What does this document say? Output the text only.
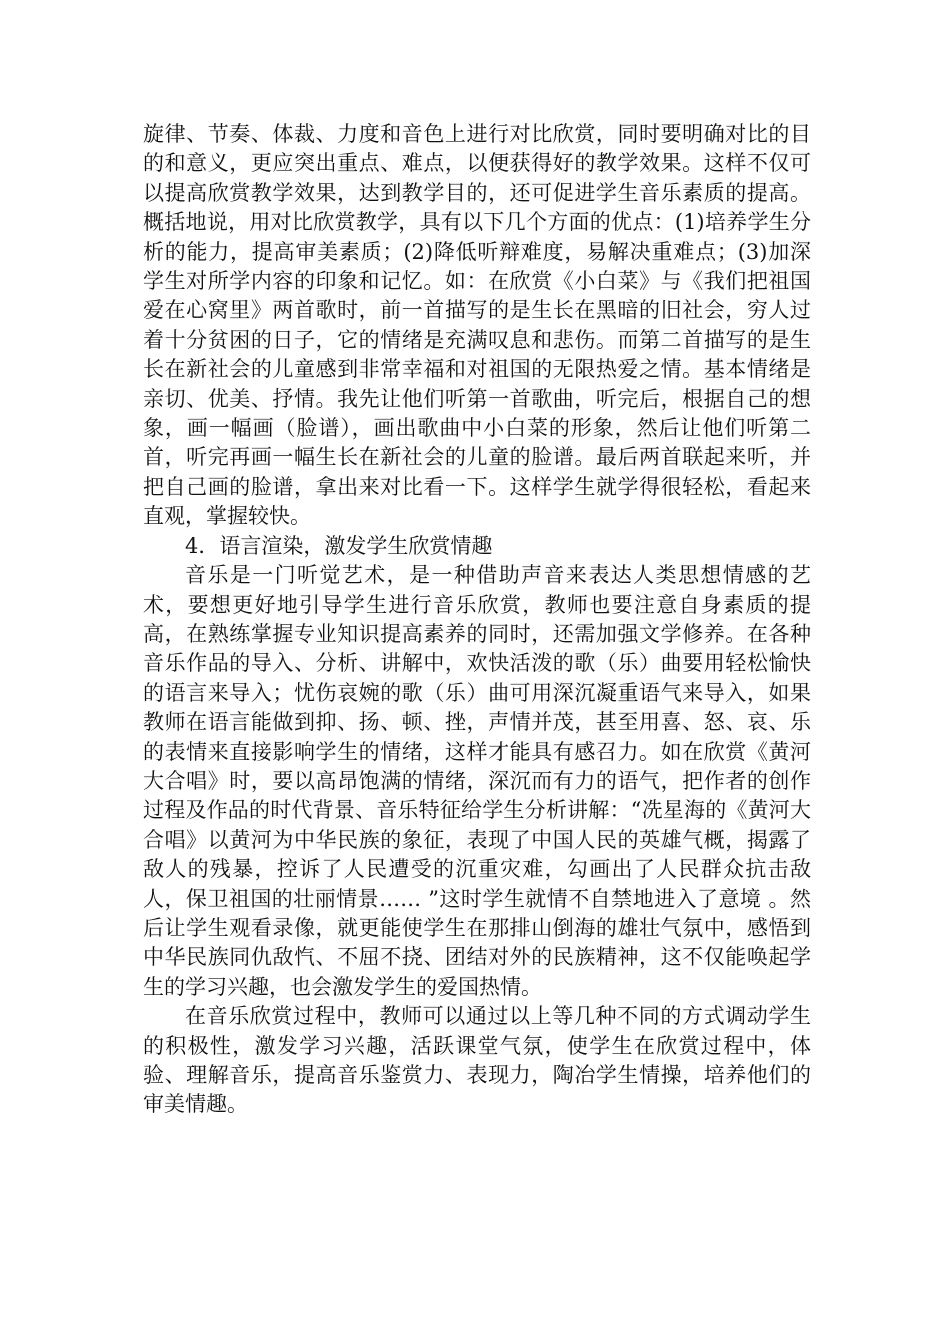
旋律、节奏、体裁、力度和音色上进行对比欣赏，同时要明确对比的目的和意义，更应突出重点、难点，以便获得好的教学效果。这样不仅可以提高欣赏教学效果，达到教学目的，还可促进学生音乐素质的提高。概括地说，用对比欣赏教学，具有以下几个方面的优点：(1)培养学生分析的能力，提高审美素质；(2)降低听辩难度，易解决重难点；(3)加深学生对所学内容的印象和记忆。如：在欣赏《小白菜》与《我们把祖国爱在心窝里》两首歌时，前一首描写的是生长在黑暗的旧社会，穷人过着十分贫困的日子，它的情绪是充满叹息和悲伤。而第二首描写的是生长在新社会的儿童感到非常幸福和对祖国的无限热爱之情。基本情绪是亲切、优美、抒情。我先让他们听第一首歌曲，听完后，根据自己的想象，画一幅画（脸谱），画出歌曲中小白菜的形象，然后让他们听第二首，听完再画一幅生长在新社会的儿童的脸谱。最后两首联起来听，并把自己画的脸谱，拿出来对比看一下。这样学生就学得很轻松，看起来直观，掌握较快。

4．语言渲染，激发学生欣赏情趣

音乐是一门听觉艺术，是一种借助声音来表达人类思想情感的艺术，要想更好地引导学生进行音乐欣赏，教师也要注意自身素质的提高，在熟练掌握专业知识提高素养的同时，还需加强文学修养。在各种音乐作品的导入、分析、讲解中，欢快活泼的歌（乐）曲要用轻松愉快的语言来导入；忧伤哀婉的歌（乐）曲可用深沉凝重语气来导入，如果教师在语言能做到抑、扬、顿、挫，声情并茂，甚至用喜、怒、哀、乐的表情来直接影响学生的情绪，这样才能具有感召力。如在欣赏《黄河大合唱》时，要以高昂饱满的情绪，深沉而有力的语气，把作者的创作过程及作品的时代背景、音乐特征给学生分析讲解：“冼星海的《黄河大合唱》以黄河为中华民族的象征，表现了中国人民的英雄气概，揭露了敌人的残暴，控诉了人民遭受的沉重灾难，勾画出了人民群众抗击敌人，保卫祖国的壮丽情景…… ”这时学生就情不自禁地进入了意境 。然后让学生观看录像，就更能使学生在那排山倒海的雄壮气氛中，感悟到中华民族同仇敌忾、不屈不挠、团结对外的民族精神，这不仅能唤起学生的学习兴趣，也会激发学生的爱国热情。

在音乐欣赏过程中，教师可以通过以上等几种不同的方式调动学生的积极性，激发学习兴趣，活跃课堂气氛，使学生在欣赏过程中，体验、理解音乐，提高音乐鉴赏力、表现力，陶冶学生情操，培养他们的审美情趣。
